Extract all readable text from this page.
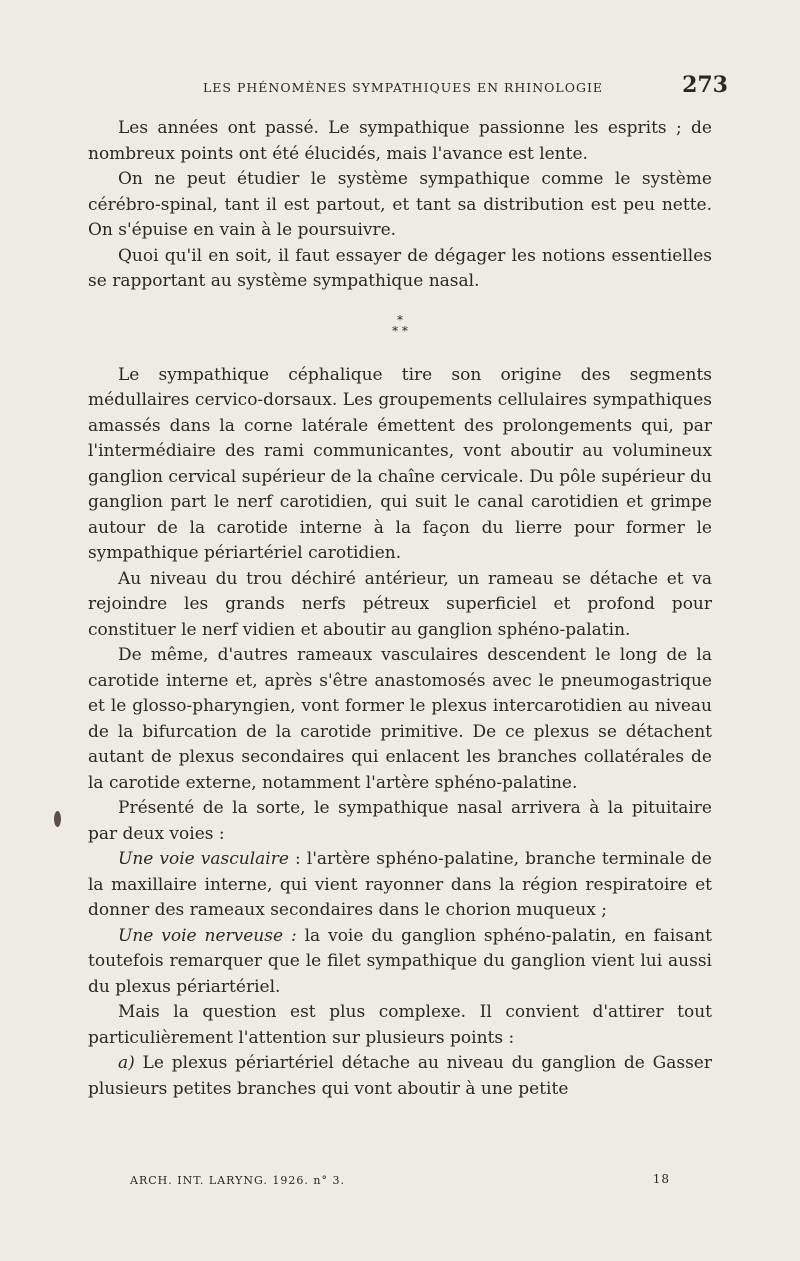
LES PHÉNOMÈNES SYMPATHIQUES EN RHINOLOGIE	273

Les années ont passé. Le sympathique passionne les esprits ; de nombreux points ont été élucidés, mais l'avance est lente.

On ne peut étudier le système sympathique comme le système cérébro-spinal, tant il est partout, et tant sa distribution est peu nette. On s'épuise en vain à le poursuivre.

Quoi qu'il en soit, il faut essayer de dégager les notions essentielles se rapportant au système sympathique nasal.

*
* *

Le sympathique céphalique tire son origine des segments médullaires cervico-dorsaux. Les groupements cellulaires sympathiques amassés dans la corne latérale émettent des prolongements qui, par l'intermédiaire des rami communicantes, vont aboutir au volumineux ganglion cervical supérieur de la chaîne cervicale. Du pôle supérieur du ganglion part le nerf carotidien, qui suit le canal carotidien et grimpe autour de la carotide interne à la façon du lierre pour former le sympathique périartériel carotidien.

Au niveau du trou déchiré antérieur, un rameau se détache et va rejoindre les grands nerfs pétreux superficiel et profond pour constituer le nerf vidien et aboutir au ganglion sphéno-palatin.

De même, d'autres rameaux vasculaires descendent le long de la carotide interne et, après s'être anastomosés avec le pneumogastrique et le glosso-pharyngien, vont former le plexus intercarotidien au niveau de la bifurcation de la carotide primitive. De ce plexus se détachent autant de plexus secondaires qui enlacent les branches collatérales de la carotide externe, notamment l'artère sphéno-palatine.

Présenté de la sorte, le sympathique nasal arrivera à la pituitaire par deux voies :

Une voie vasculaire : l'artère sphéno-palatine, branche terminale de la maxillaire interne, qui vient rayonner dans la région respiratoire et donner des rameaux secondaires dans le chorion muqueux ;

Une voie nerveuse : la voie du ganglion sphéno-palatin, en faisant toutefois remarquer que le filet sympathique du ganglion vient lui aussi du plexus périartériel.

Mais la question est plus complexe. Il convient d'attirer tout particulièrement l'attention sur plusieurs points :

a) Le plexus périartériel détache au niveau du ganglion de Gasser plusieurs petites branches qui vont aboutir à une petite

ARCH. INT. LARYNG. 1926. n° 3.	18
